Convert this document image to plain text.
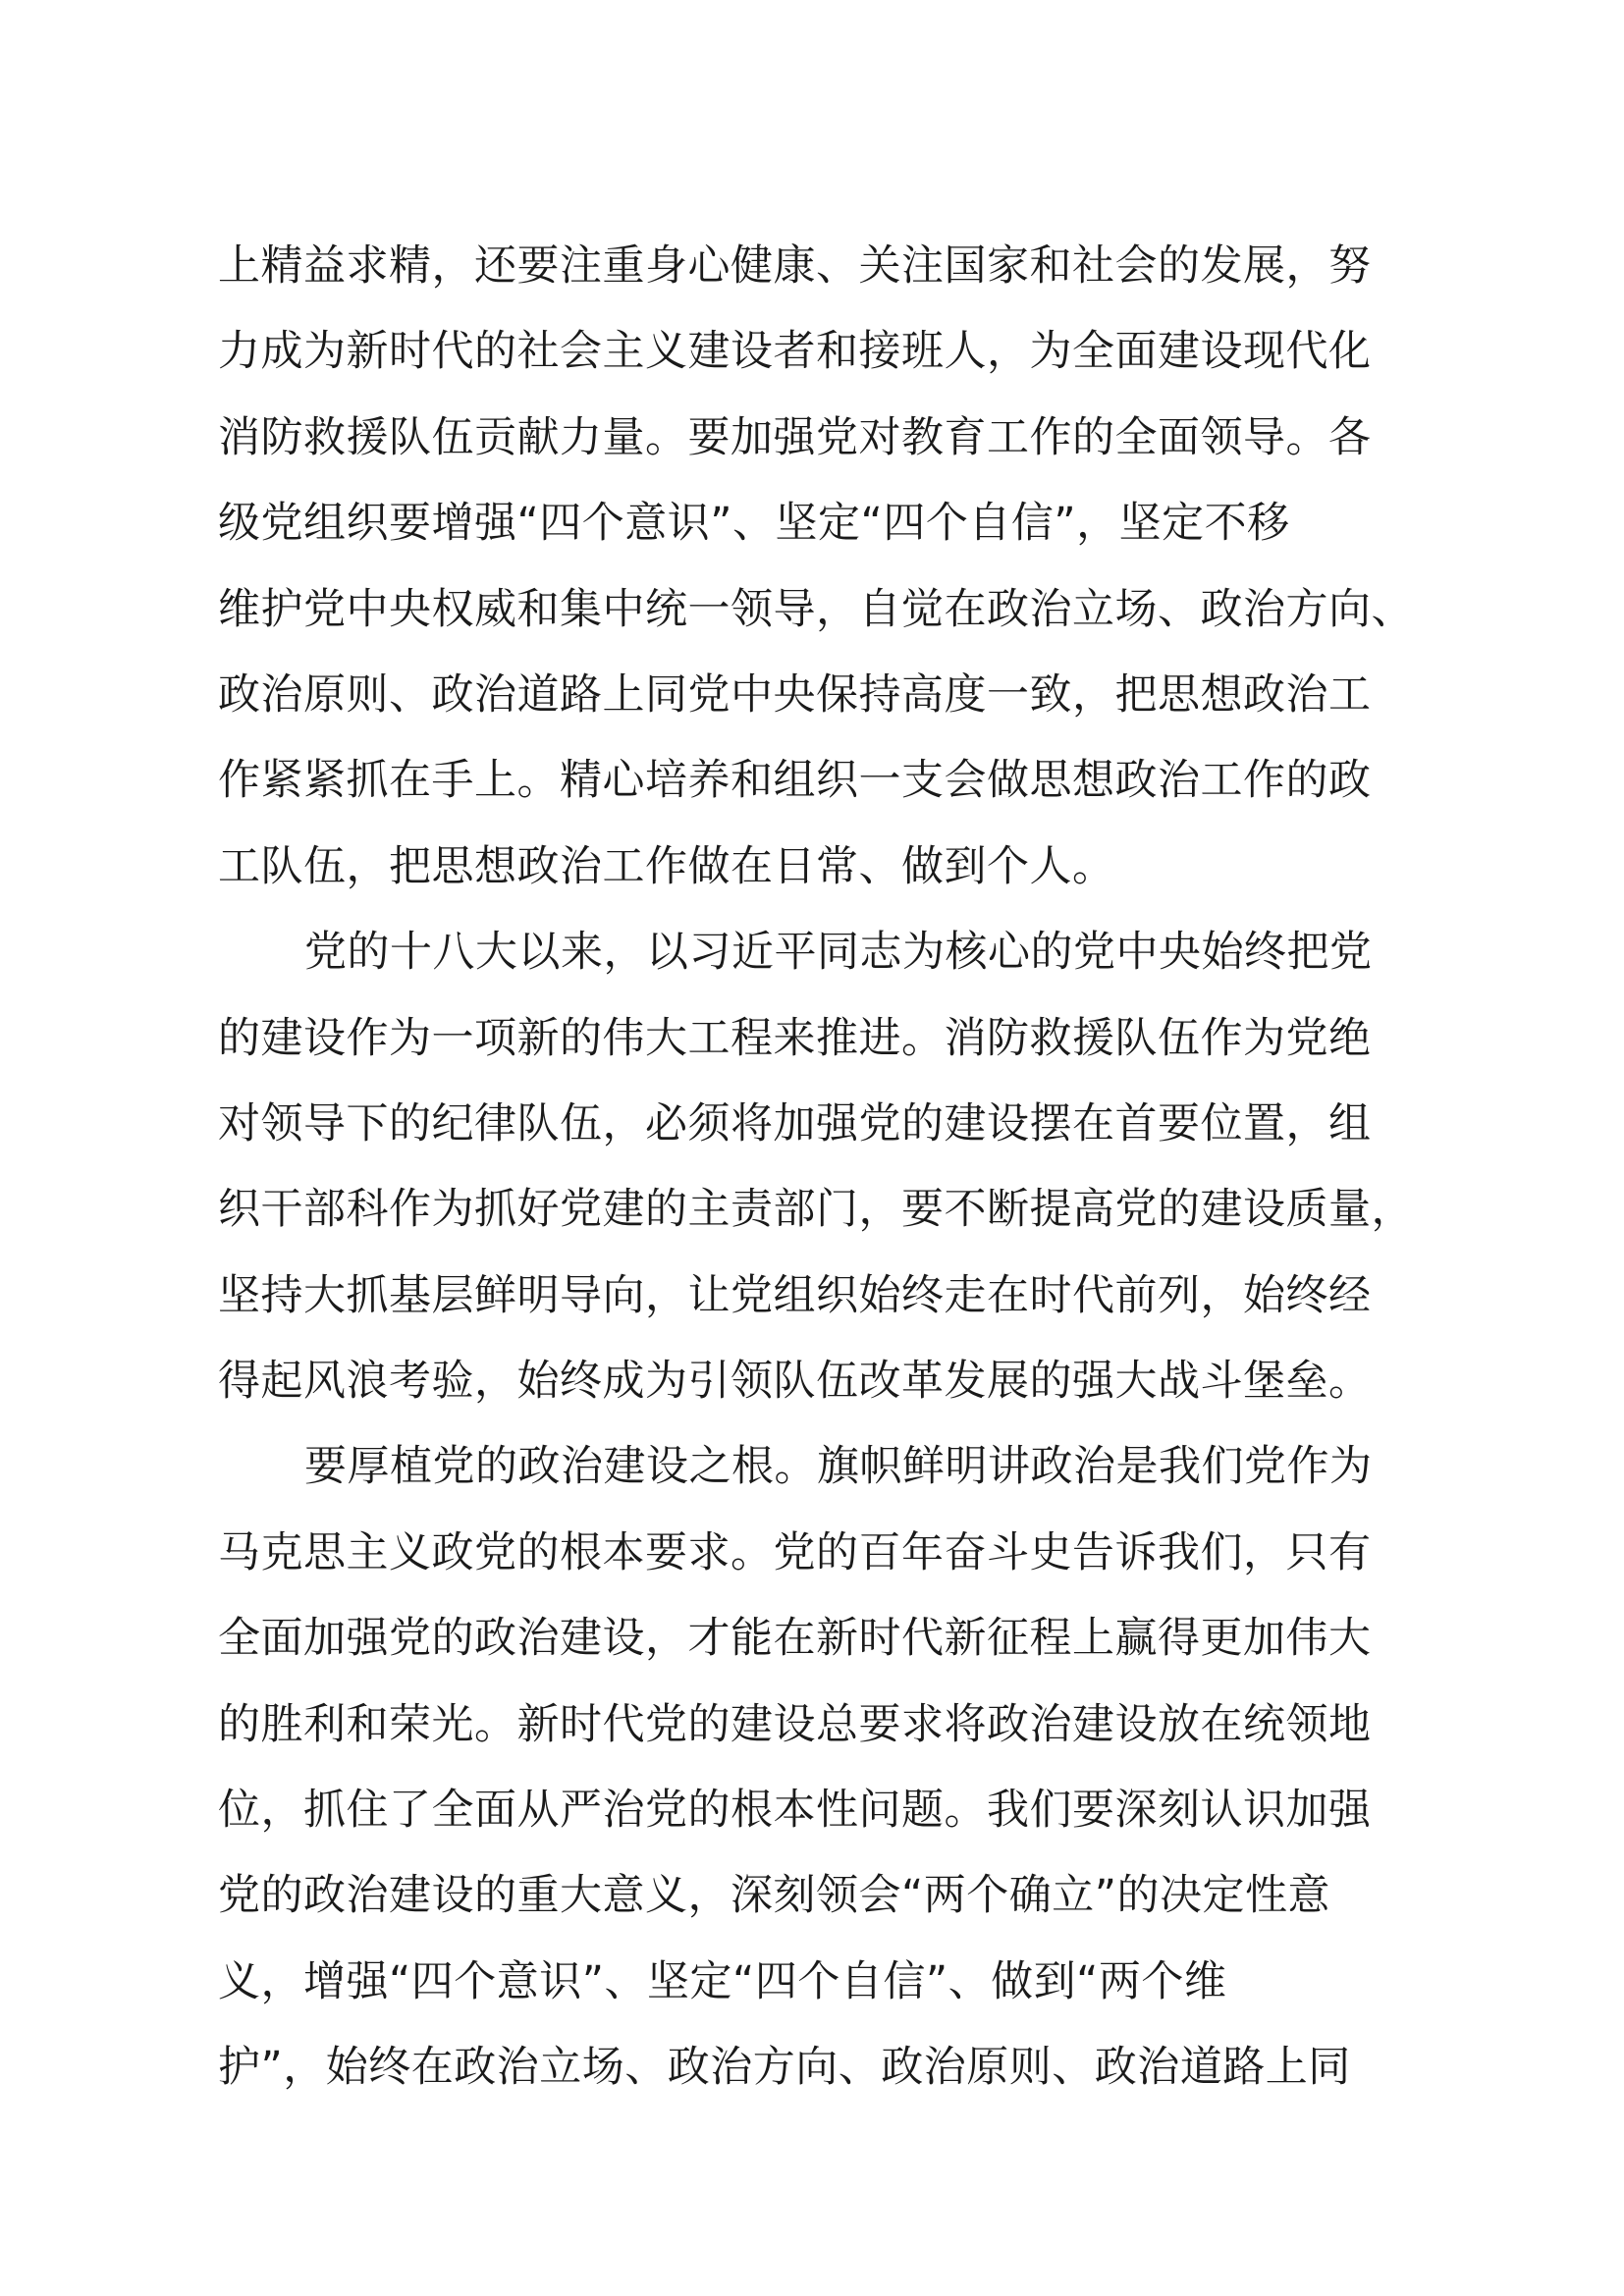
上精益求精，还要注重身心健康、关注国家和社会的发展，努
力成为新时代的社会主义建设者和接班人，为全面建设现代化
消防救援队伍贡献力量。要加强党对教育工作的全面领导。各
级党组织要增强“四个意识”、坚定“四个自信”，坚定不移
维护党中央权威和集中统一领导，自觉在政治立场、政治方向、
政治原则、政治道路上同党中央保持高度一致，把思想政治工
作紧紧抓在手上。精心培养和组织一支会做思想政治工作的政
工队伍，把思想政治工作做在日常、做到个人。
党的十八大以来，以习近平同志为核心的党中央始终把党
的建设作为一项新的伟大工程来推进。消防救援队伍作为党绝
对领导下的纪律队伍，必须将加强党的建设摆在首要位置，组
织干部科作为抓好党建的主责部门，要不断提高党的建设质量，
坚持大抓基层鲜明导向，让党组织始终走在时代前列，始终经
得起风浪考验，始终成为引领队伍改革发展的强大战斗堡垒。
要厚植党的政治建设之根。旗帜鲜明讲政治是我们党作为
马克思主义政党的根本要求。党的百年奋斗史告诉我们，只有
全面加强党的政治建设，才能在新时代新征程上赢得更加伟大
的胜利和荣光。新时代党的建设总要求将政治建设放在统领地
位，抓住了全面从严治党的根本性问题。我们要深刻认识加强
党的政治建设的重大意义，深刻领会“两个确立”的决定性意
义，增强“四个意识”、坚定“四个自信”、做到“两个维
护”，始终在政治立场、政治方向、政治原则、政治道路上同
